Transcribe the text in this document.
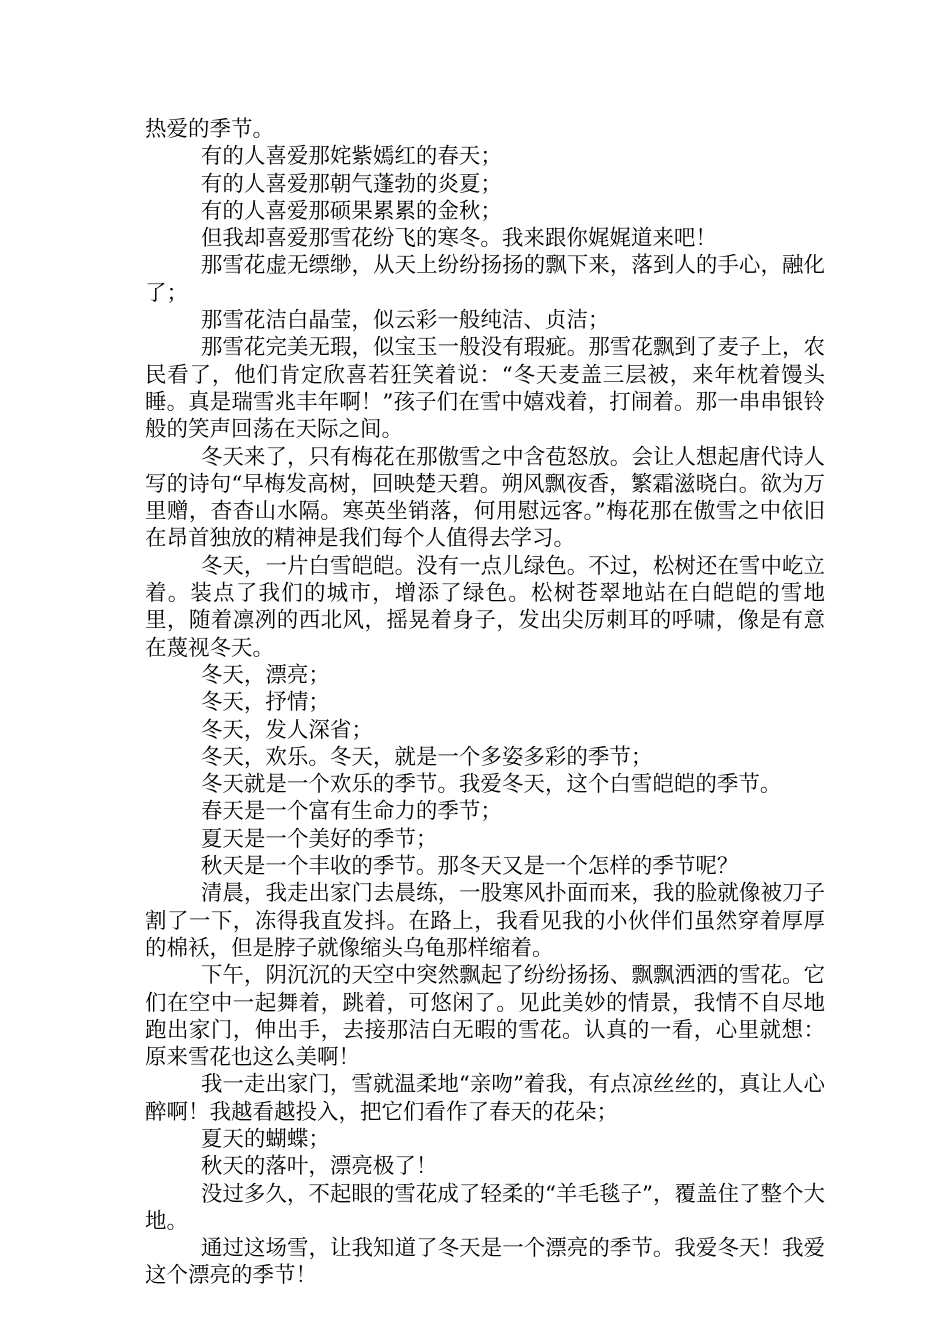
热爱的季节。

有的人喜爱那姹紫嫣红的春天；

有的人喜爱那朝气蓬勃的炎夏；

有的人喜爱那硕果累累的金秋；

但我却喜爱那雪花纷飞的寒冬。我来跟你娓娓道来吧！

那雪花虚无缥缈，从天上纷纷扬扬的飘下来，落到人的手心，融化了；

那雪花洁白晶莹，似云彩一般纯洁、贞洁；

那雪花完美无瑕，似宝玉一般没有瑕疵。那雪花飘到了麦子上，农民看了，他们肯定欣喜若狂笑着说：“冬天麦盖三层被，来年枕着馒头睡。真是瑞雪兆丰年啊！”孩子们在雪中嬉戏着，打闹着。那一串串银铃般的笑声回荡在天际之间。

冬天来了，只有梅花在那傲雪之中含苞怒放。会让人想起唐代诗人写的诗句“早梅发高树，回映楚天碧。朔风飘夜香，繁霜滋晓白。欲为万里赠，杳杳山水隔。寒英坐销落，何用慰远客。”梅花那在傲雪之中依旧在昂首独放的精神是我们每个人值得去学习。

冬天，一片白雪皑皑。没有一点儿绿色。不过，松树还在雪中屹立着。装点了我们的城市，增添了绿色。松树苍翠地站在白皑皑的雪地里，随着凛冽的西北风，摇晃着身子，发出尖厉刺耳的呼啸，像是有意在蔑视冬天。

冬天，漂亮；

冬天，抒情；

冬天，发人深省；

冬天，欢乐。冬天，就是一个多姿多彩的季节；

冬天就是一个欢乐的季节。我爱冬天，这个白雪皑皑的季节。

春天是一个富有生命力的季节；

夏天是一个美好的季节；

秋天是一个丰收的季节。那冬天又是一个怎样的季节呢？

清晨，我走出家门去晨练，一股寒风扑面而来，我的脸就像被刀子割了一下，冻得我直发抖。在路上，我看见我的小伙伴们虽然穿着厚厚的棉袄，但是脖子就像缩头乌龟那样缩着。

下午，阴沉沉的天空中突然飘起了纷纷扬扬、飘飘洒洒的雪花。它们在空中一起舞着，跳着，可悠闲了。见此美妙的情景，我情不自尽地跑出家门，伸出手，去接那洁白无暇的雪花。认真的一看，心里就想：原来雪花也这么美啊！

我一走出家门，雪就温柔地“亲吻”着我，有点凉丝丝的，真让人心醉啊！我越看越投入，把它们看作了春天的花朵；

夏天的蝴蝶；

秋天的落叶，漂亮极了！

没过多久，不起眼的雪花成了轻柔的“羊毛毯子”，覆盖住了整个大地。

通过这场雪，让我知道了冬天是一个漂亮的季节。我爱冬天！我爱这个漂亮的季节！
